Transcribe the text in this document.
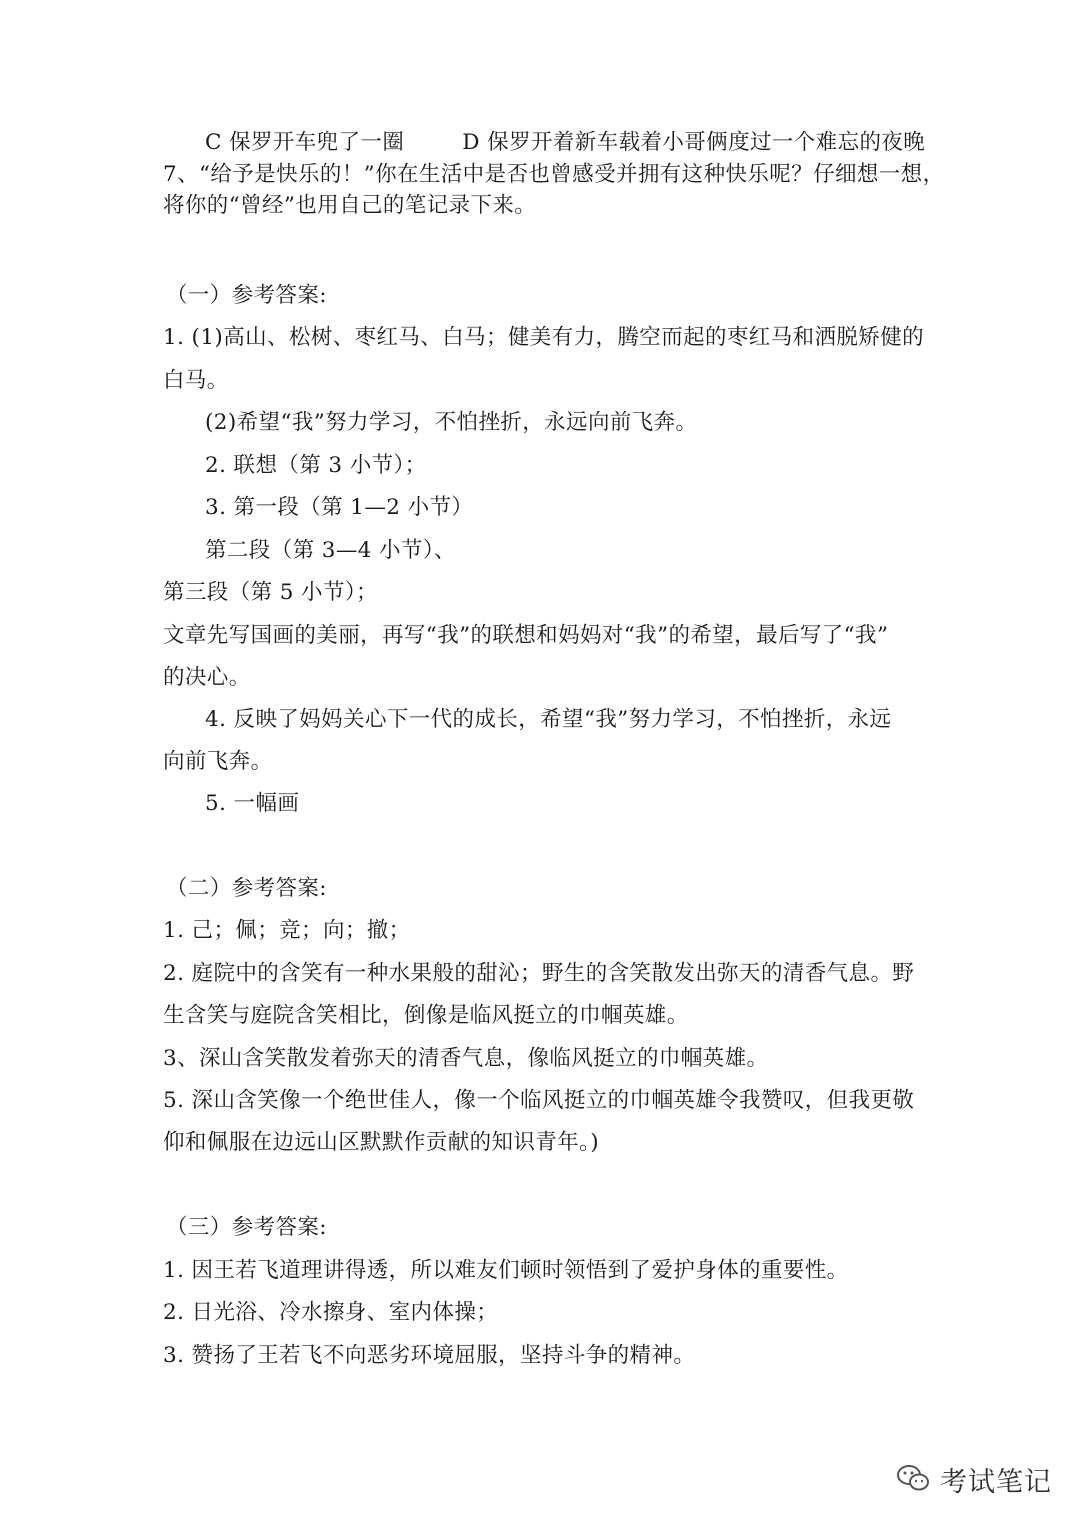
C 保罗开车兜了一圈	D 保罗开着新车载着小哥俩度过一个难忘的夜晚
7、“给予是快乐的！”你在生活中是否也曾感受并拥有这种快乐呢？仔细想一想，
将你的“曾经”也用自己的笔记录下来。
（一）参考答案:
1. (1)高山、松树、枣红马、白马；健美有力，腾空而起的枣红马和洒脱矫健的
白马。
(2)希望“我”努力学习，不怕挫折，永远向前飞奔。
2. 联想（第 3 小节）；
3. 第一段（第 1—2 小节）
第二段（第 3—4 小节）、
第三段（第 5 小节）；
文章先写国画的美丽，再写“我”的联想和妈妈对“我”的希望，最后写了“我”
的决心。
4. 反映了妈妈关心下一代的成长，希望“我”努力学习，不怕挫折，永远
向前飞奔。
5. 一幅画
（二）参考答案:
1. 己；佩；竞；向；撤；
2. 庭院中的含笑有一种水果般的甜沁；野生的含笑散发出弥天的清香气息。野
生含笑与庭院含笑相比，倒像是临风挺立的巾帼英雄。
3、深山含笑散发着弥天的清香气息，像临风挺立的巾帼英雄。
5. 深山含笑像一个绝世佳人，像一个临风挺立的巾帼英雄令我赞叹，但我更敬
仰和佩服在边远山区默默作贡献的知识青年。)
（三）参考答案:
1. 因王若飞道理讲得透，所以难友们顿时领悟到了爱护身体的重要性。
2. 日光浴、冷水擦身、室内体操；
3. 赞扬了王若飞不向恶劣环境屈服，坚持斗争的精神。
考试笔记
